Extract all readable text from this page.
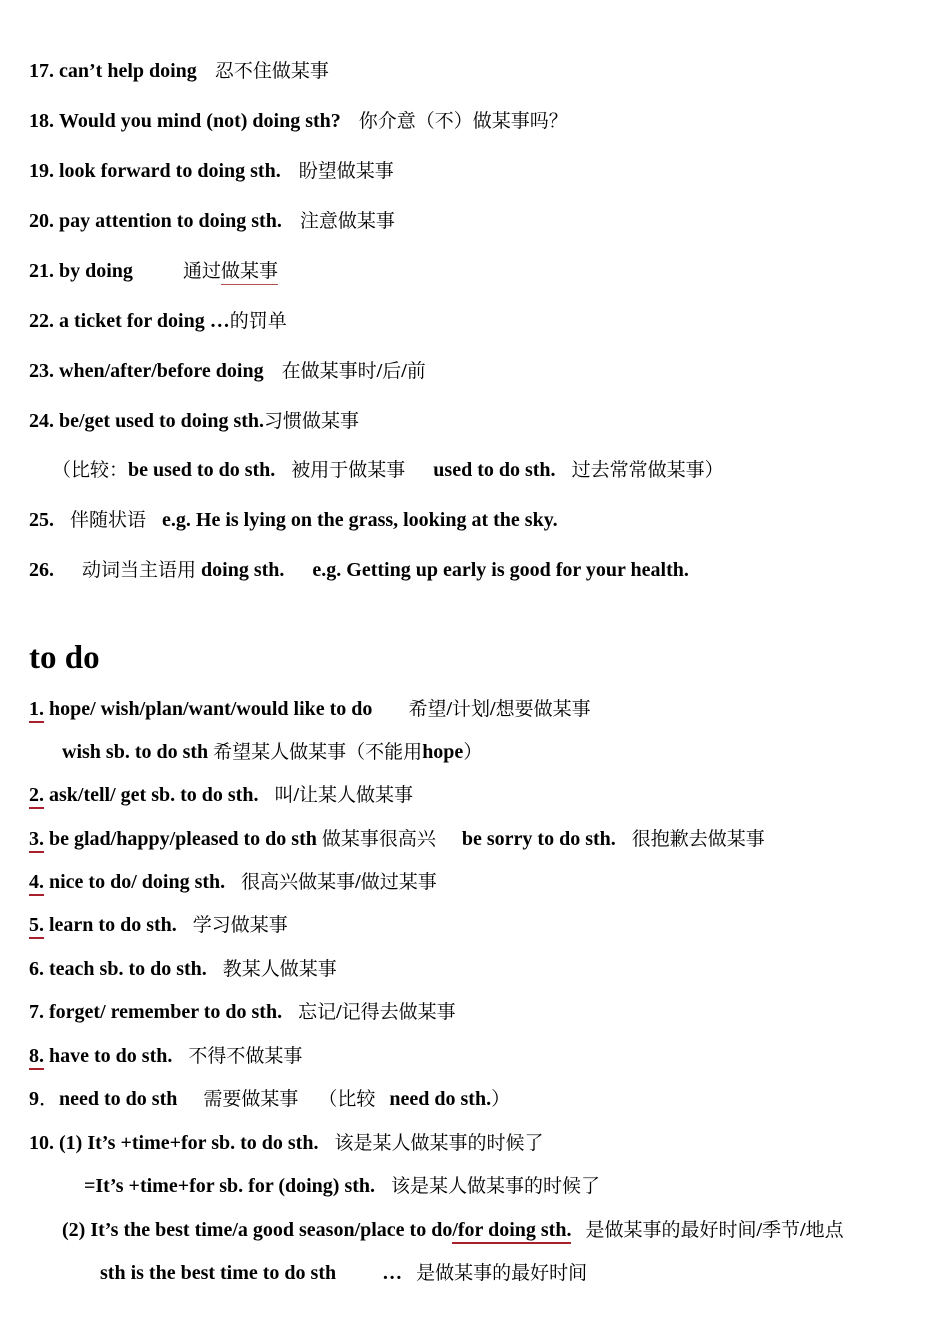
17. can’t help doing 忍不住做某事
18. Would you mind (not) doing sth? 你介意（不）做某事吗？
19. look forward to doing sth. 盼望做某事
20. pay attention to doing sth. 注意做某事
21. by doing	通过做某事
22. a ticket for doing …的罚单
23. when/after/before doing 在做某事时/后/前
24. be/get used to doing sth.习惯做某事
（比较：be used to do sth. 被用于做某事 used to do sth. 过去常常做某事）
25. 伴随状语 e.g. He is lying on the grass, looking at the sky.
26. 动词当主语用 doing sth. e.g. Getting up early is good for your health.
to do
1. hope/ wish/plan/want/would like to do 希望/计划/想要做某事
wish sb. to do sth 希望某人做某事（不能用hope）
2. ask/tell/ get sb. to do sth. 叫/让某人做某事
3. be glad/happy/pleased to do sth 做某事很高兴 be sorry to do sth. 很抱歉去做某事
4. nice to do/ doing sth. 很高兴做某事/做过某事
5. learn to do sth. 学习做某事
6. teach sb. to do sth. 教某人做某事
7. forget/ remember to do sth. 忘记/记得去做某事
8. have to do sth. 不得不做某事
9．need to do sth 需要做某事 （比较 need do sth.）
10. (1) It’s +time+for sb. to do sth. 该是某人做某事的时候了
=It’s +time+for sb. for (doing) sth. 该是某人做某事的时候了
(2) It’s the best time/a good season/place to do/for doing sth. 是做某事的最好时间/季节/地点
sth is the best time to do sth … 是做某事的最好时间
